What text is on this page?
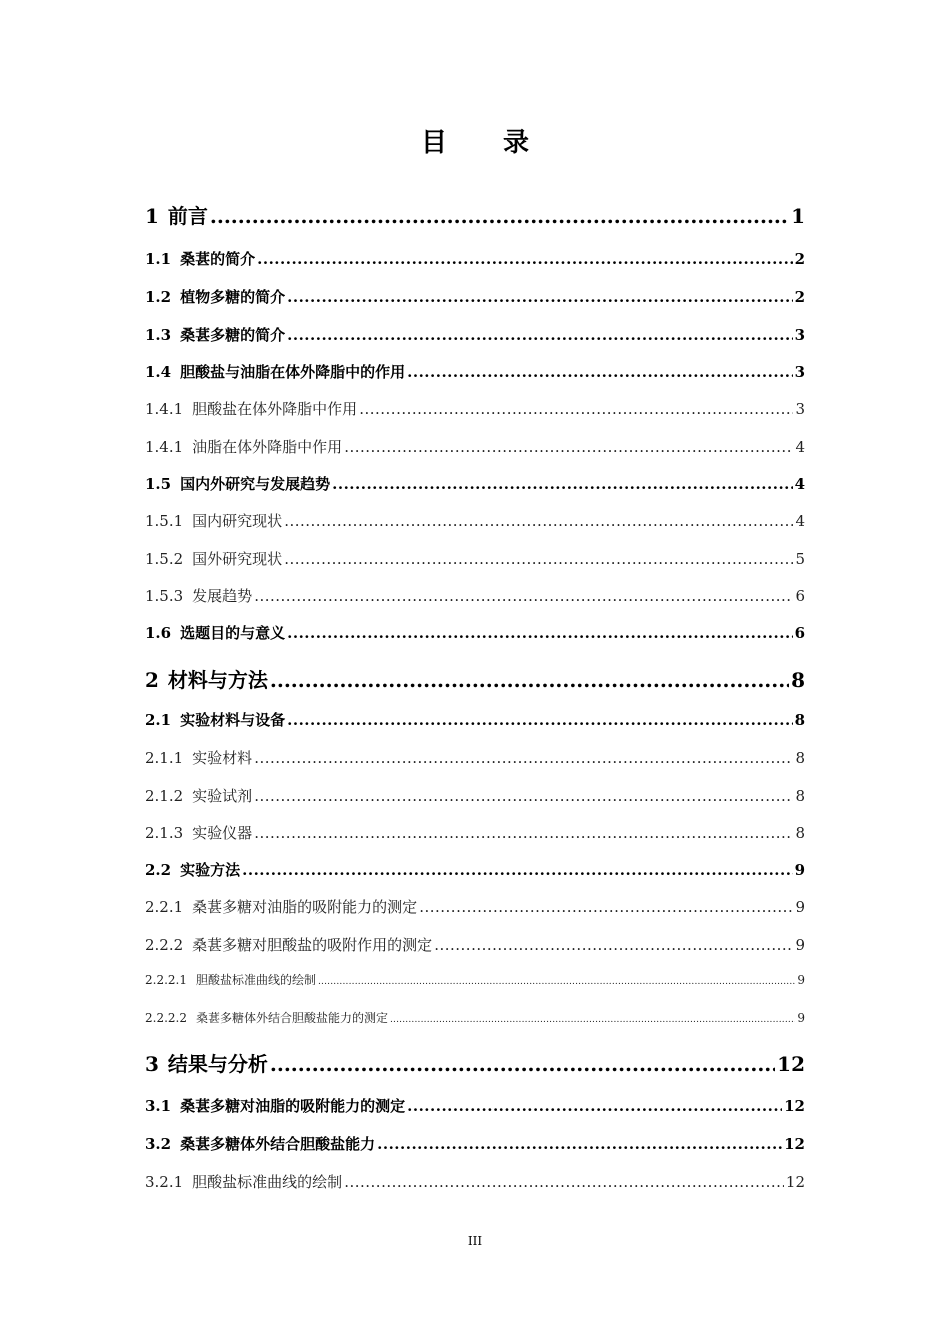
目录
1 前言 .....	1
1.1 桑葚的简介 .....	2
1.2 植物多糖的简介 .....	2
1.3 桑葚多糖的简介 .....	3
1.4 胆酸盐与油脂在体外降脂中的作用 .....	3
1.4.1 胆酸盐在体外降脂中作用 .....	3
1.4.1 油脂在体外降脂中作用 .....	4
1.5 国内外研究与发展趋势 .....	4
1.5.1 国内研究现状 .....	4
1.5.2 国外研究现状 .....	5
1.5.3 发展趋势 .....	6
1.6 选题目的与意义 .....	6
2 材料与方法 .....	8
2.1 实验材料与设备 .....	8
2.1.1 实验材料 .....	8
2.1.2 实验试剂 .....	8
2.1.3 实验仪器 .....	8
2.2 实验方法 .....	9
2.2.1 桑葚多糖对油脂的吸附能力的测定 .....	9
2.2.2 桑葚多糖对胆酸盐的吸附作用的测定 .....	9
2.2.2.1 胆酸盐标准曲线的绘制 .....	9
2.2.2.2 桑葚多糖体外结合胆酸盐能力的测定 .....	9
3 结果与分析 .....	12
3.1 桑葚多糖对油脂的吸附能力的测定 .....	12
3.2 桑葚多糖体外结合胆酸盐能力 .....	12
3.2.1 胆酸盐标准曲线的绘制 .....	12
III
